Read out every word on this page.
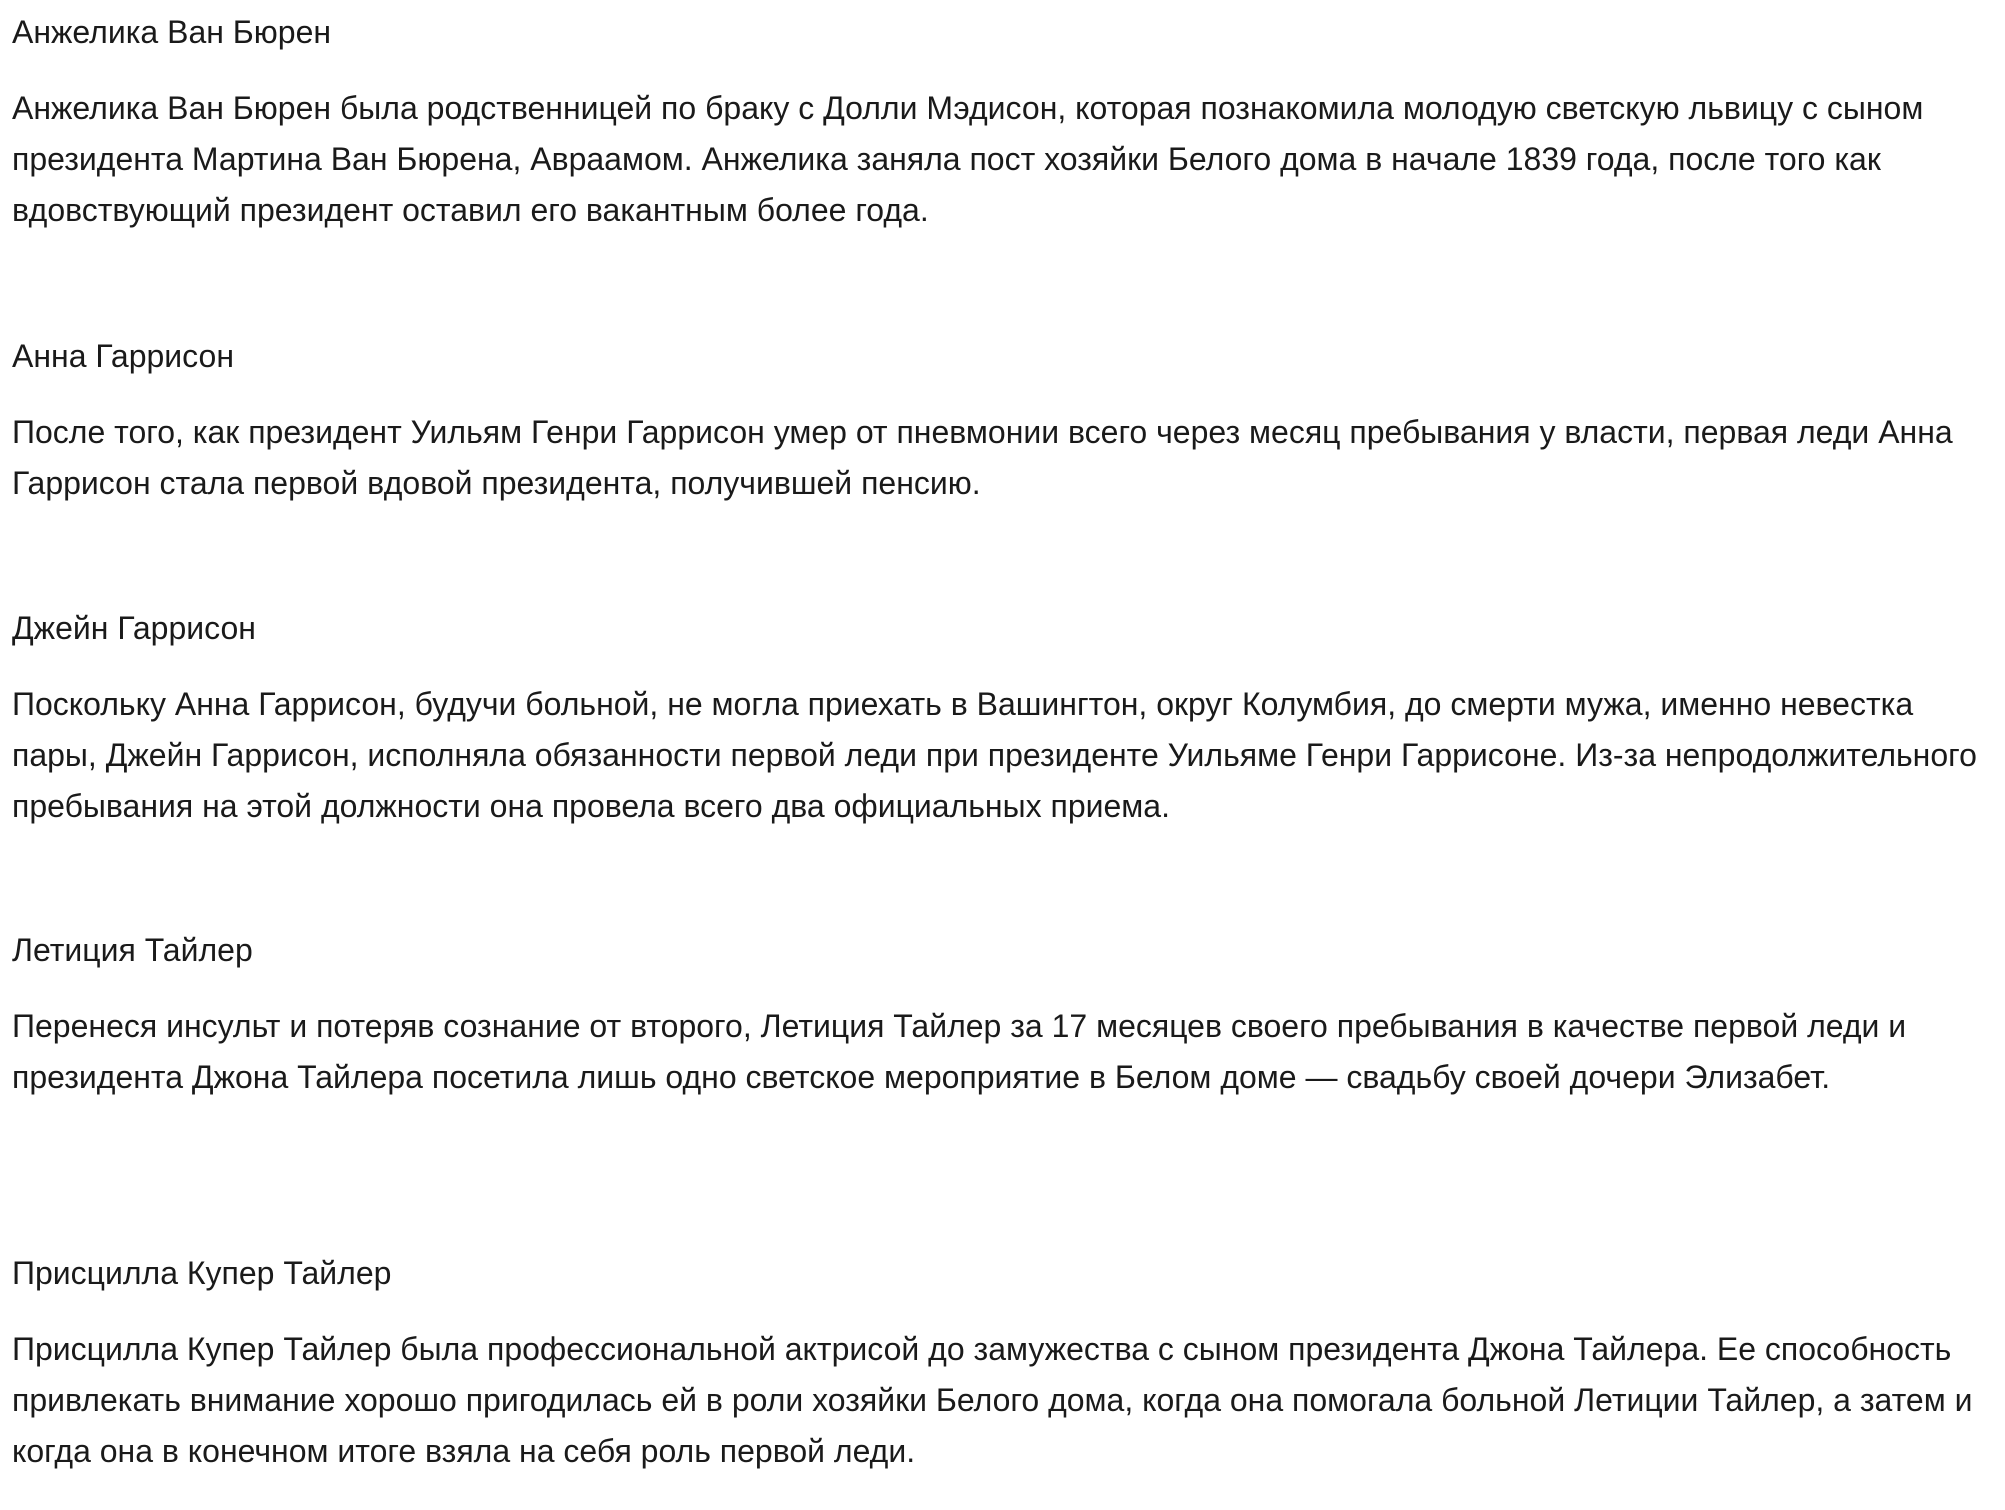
Анжелика Ван Бюрен

Анжелика Ван Бюрен была родственницей по браку с Долли Мэдисон, которая познакомила молодую светскую львицу с сыном президента Мартина Ван Бюрена, Авраамом. Анжелика заняла пост хозяйки Белого дома в начале 1839 года, после того как вдовствующий президент оставил его вакантным более года.

Анна Гаррисон

После того, как президент Уильям Генри Гаррисон умер от пневмонии всего через месяц пребывания у власти, первая леди Анна Гаррисон стала первой вдовой президента, получившей пенсию.

Джейн Гаррисон

Поскольку Анна Гаррисон, будучи больной, не могла приехать в Вашингтон, округ Колумбия, до смерти мужа, именно невестка пары, Джейн Гаррисон, исполняла обязанности первой леди при президенте Уильяме Генри Гаррисоне. Из-за непродолжительного пребывания на этой должности она провела всего два официальных приема.

Летиция Тайлер

Перенеся инсульт и потеряв сознание от второго, Летиция Тайлер за 17 месяцев своего пребывания в качестве первой леди и президента Джона Тайлера посетила лишь одно светское мероприятие в Белом доме — свадьбу своей дочери Элизабет.

Присцилла Купер Тайлер

Присцилла Купер Тайлер была профессиональной актрисой до замужества с сыном президента Джона Тайлера. Ее способность привлекать внимание хорошо пригодилась ей в роли хозяйки Белого дома, когда она помогала больной Летиции Тайлер, а затем и когда она в конечном итоге взяла на себя роль первой леди.
